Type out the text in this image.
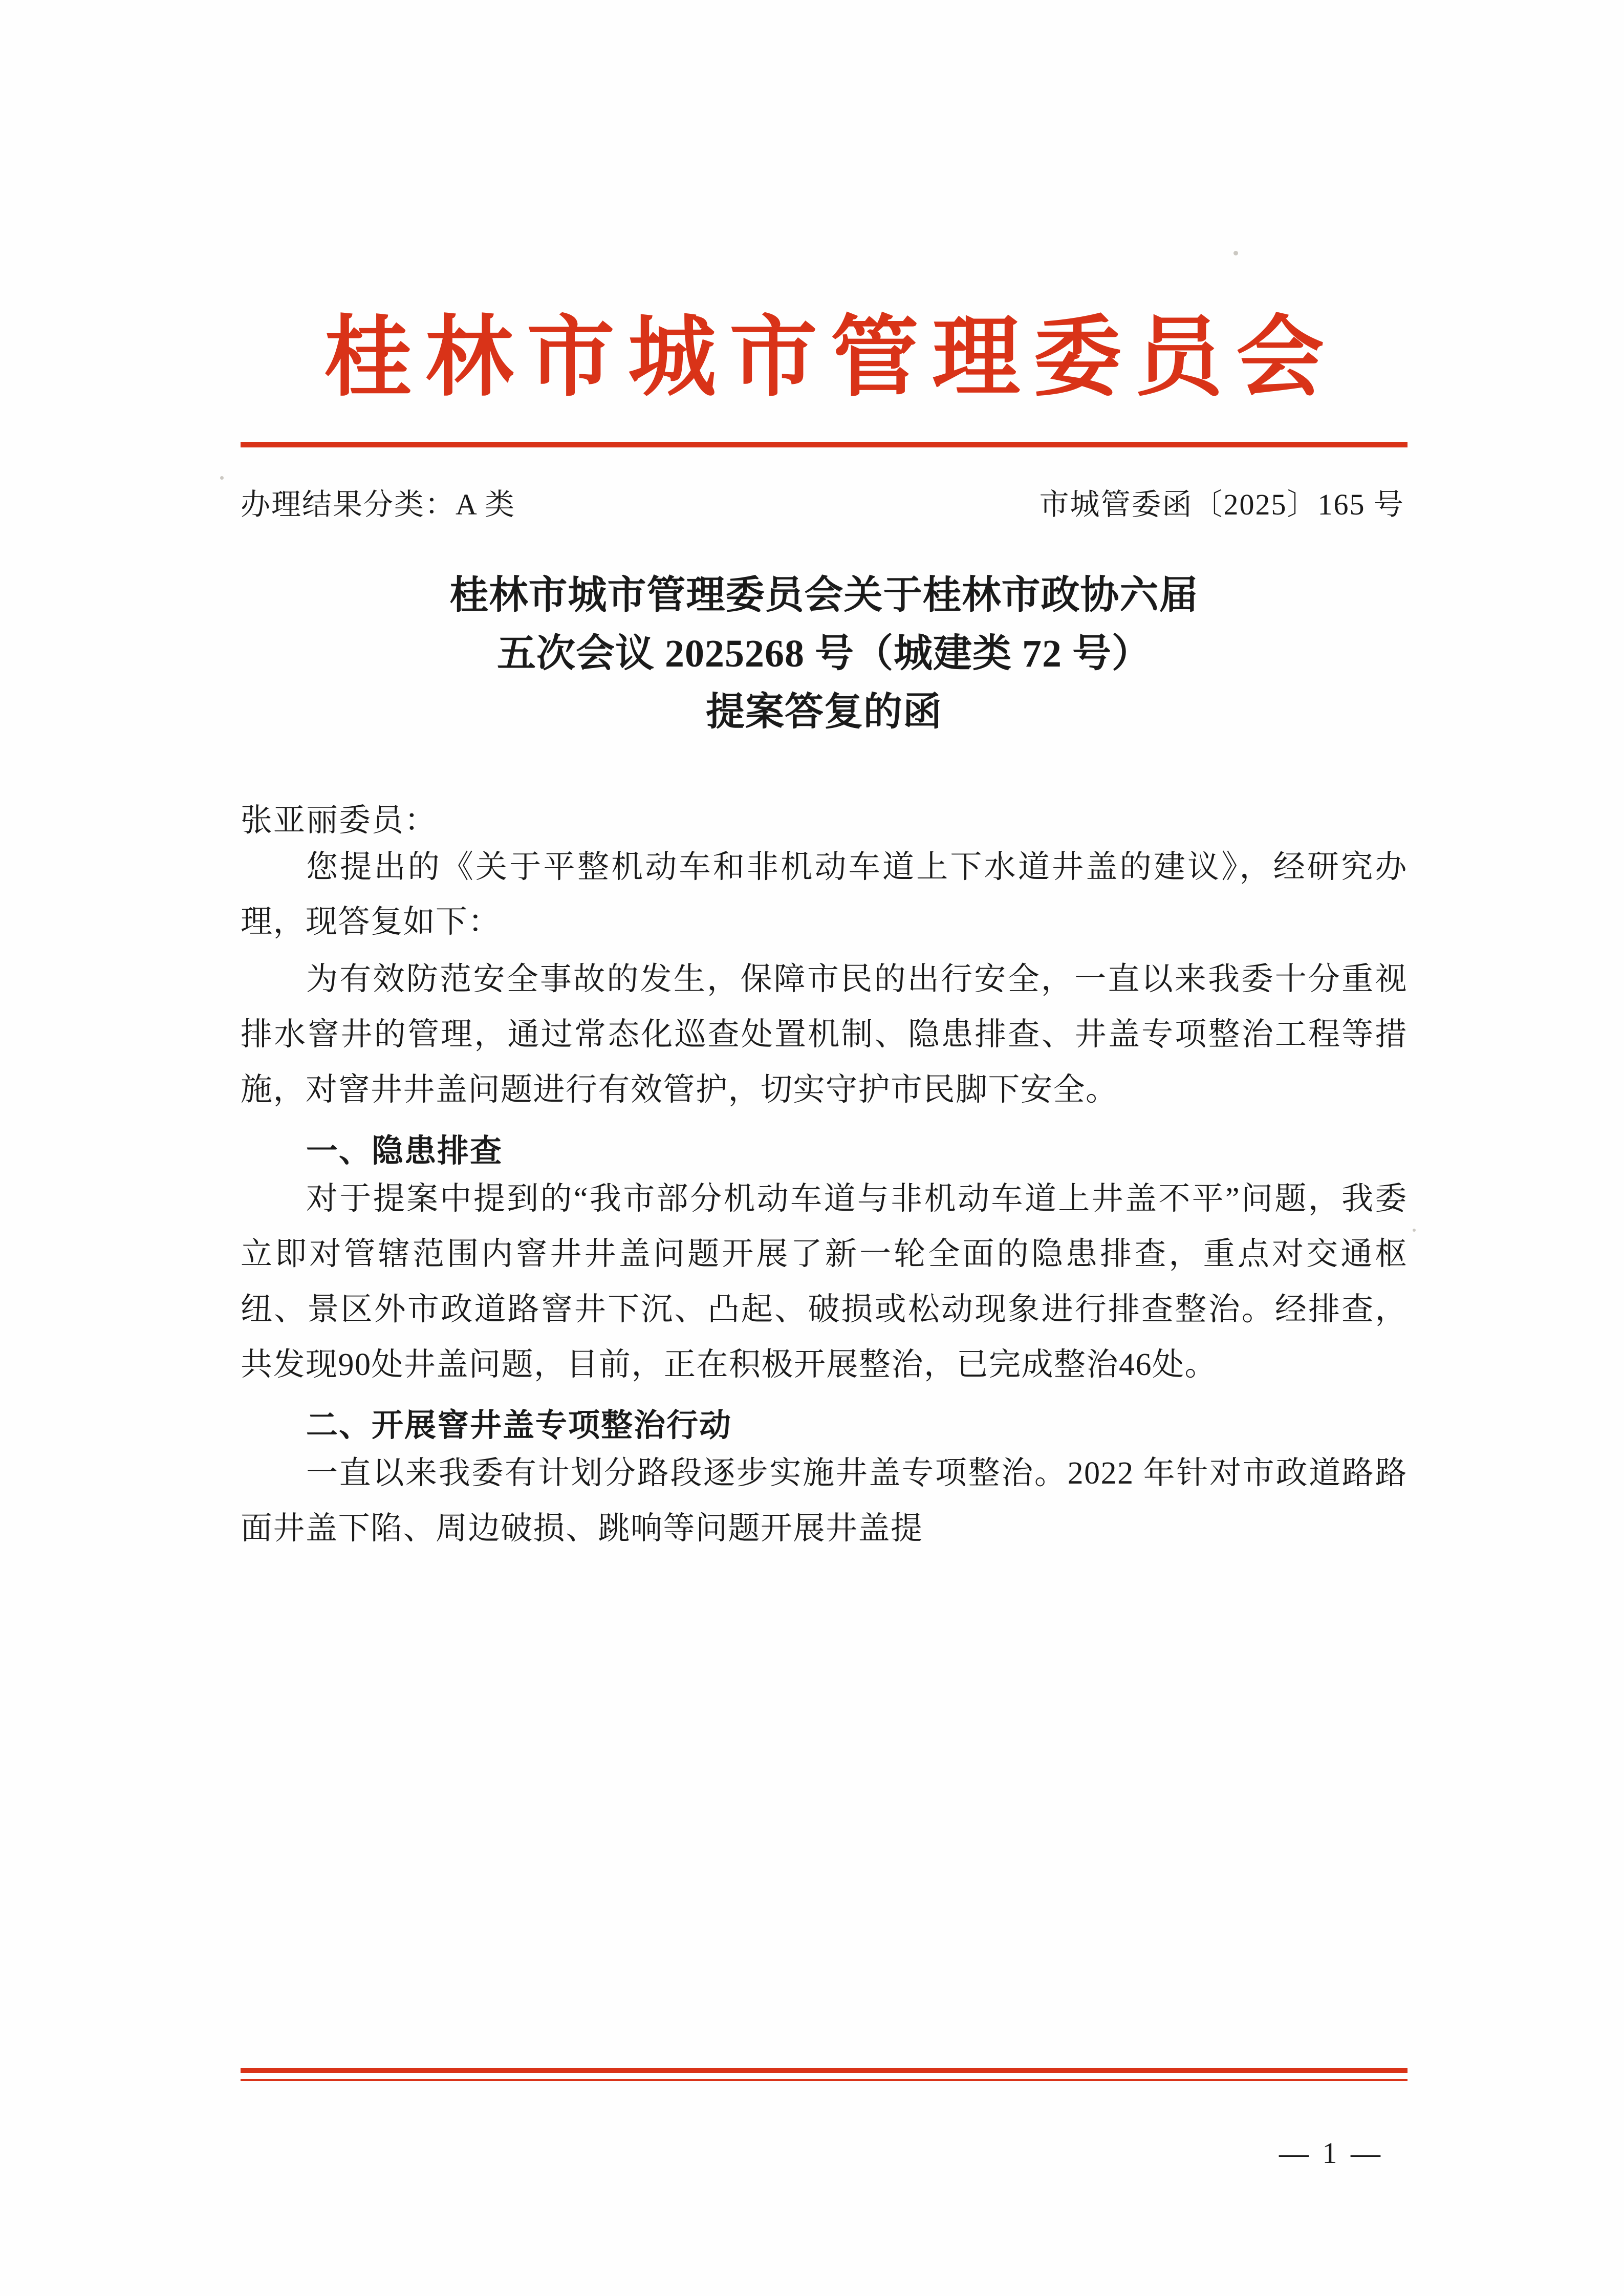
桂林市城市管理委员会
办理结果分类：A 类	市城管委函〔2025〕165 号
桂林市城市管理委员会关于桂林市政协六届
五次会议 2025268 号（城建类 72 号）
提案答复的函
张亚丽委员：

您提出的《关于平整机动车和非机动车道上下水道井盖的建议》，经研究办理，现答复如下：

为有效防范安全事故的发生，保障市民的出行安全，一直以来我委十分重视排水窨井的管理，通过常态化巡查处置机制、隐患排查、井盖专项整治工程等措施，对窨井井盖问题进行有效管护，切实守护市民脚下安全。

一、隐患排查

对于提案中提到的“我市部分机动车道与非机动车道上井盖不平”问题，我委立即对管辖范围内窨井井盖问题开展了新一轮全面的隐患排查，重点对交通枢纽、景区外市政道路窨井下沉、凸起、破损或松动现象进行排查整治。经排查，共发现90处井盖问题，目前，正在积极开展整治，已完成整治46处。

二、开展窨井盖专项整治行动

一直以来我委有计划分路段逐步实施井盖专项整治。2022 年针对市政道路路面井盖下陷、周边破损、跳响等问题开展井盖提

— 1 —
